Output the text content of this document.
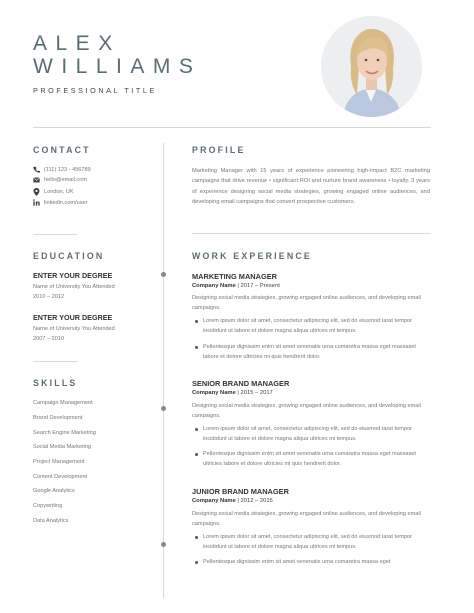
ALEX
WILLIAMS
PROFESSIONAL TITLE
CONTACT
(111) 123 - 456789
hello@email.com
London, UK
linkedin.com/user
EDUCATION
ENTER YOUR DEGREE
Name of University You Attended
2010 – 2012
ENTER YOUR DEGREE
Name of University You Attended
2007 – 2010
SKILLS
Campaign Management
Brand Development
Search Engine Marketing
Social Media Marketing
Project Management
Content Development
Google Analytics
Copywriting
Data Analytics
PROFILE
Marketing Manager with 15 years of experience pioneering high-impact B2C marketing campaigns that drive revenue • significant ROI and nurture brand awareness • loyalty. 3 years of experience designing social media strategies, growing engaged online audiences, and developing email campaigns that convert prospective customers.
WORK EXPERIENCE
MARKETING MANAGER
Company Name | 2017 – Present
Designing social media strategies, growing engaged online audiences, and developing email campaigns.
Lorem ipsum dolor sit amet, consectetur adipiscing elit, sed do eiusmod tarat tempor incididunt ut labore et dolore magna aliqua ultrices mi tempus.
Pellentesque dignissim enim sit amet venenatis urna cumaretra massa eget massaset labore et dolore ultricies mi quis hendrerit dolor.
SENIOR BRAND MANAGER
Company Name | 2015 – 2017
Designing social media strategies, growing engaged online audiences, and developing email campaigns.
Lorem ipsum dolor sit amet, consectetur adipiscing elit, sed do eiusmod tarat tempor incididunt ut labore et dolore magna aliqua ultrices mi tempus.
Pellentesque dignissim enim sit amet venenatis urna cumaretra massa eget massaset ultricies labore et dolore ultricies mi quis hendrerit dolor.
JUNIOR BRAND MANAGER
Company Name | 2012 – 2015
Designing social media strategies, growing engaged online audiences, and developing email campaigns.
Lorem ipsum dolor sit amet, consectetur adipiscing elit, sed do eiusmod tarat tempor incididunt ut labore et dolore magna aliqua ultrices mi tempus.
Pellentesque dignissim enim sit amet venenatis urna cumaretra massa eget
